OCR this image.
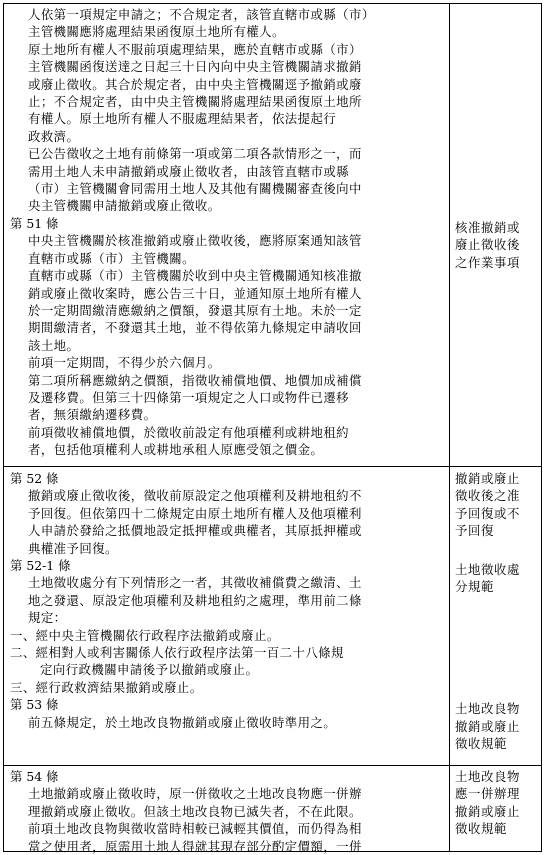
人依第一項規定申請之；不合規定者，該管直轄市或縣（市）
主管機關應將處理結果函復原土地所有權人。
原土地所有權人不服前項處理結果，應於直轄市或縣（市）
主管機關函復送達之日起三十日內向中央主管機關請求撤銷
或廢止徵收。其合於規定者，由中央主管機關逕予撤銷或廢
止；不合規定者，由中央主管機關將處理結果函復原土地所
有權人。原土地所有權人不服處理結果者，依法提起行
政救濟。
已公告徵收之土地有前條第一項或第二項各款情形之一，而
需用土地人未申請撤銷或廢止徵收者，由該管直轄市或縣
（市）主管機關會同需用土地人及其他有關機關審查後向中
央主管機關申請撤銷或廢止徵收。
第 51 條
中央主管機關於核准撤銷或廢止徵收後，應將原案通知該管
直轄市或縣（市）主管機關。
直轄市或縣（市）主管機關於收到中央主管機關通知核准撤
銷或廢止徵收案時，應公告三十日，並通知原土地所有權人
於一定期間繳清應繳納之價額，發還其原有土地。未於一定
期間繳清者，不發還其土地，並不得依第九條規定申請收回
該土地。
前項一定期間，不得少於六個月。
第二項所稱應繳納之價額，指徵收補償地價、地價加成補償
及遷移費。但第三十四條第一項規定之人口或物件已遷移
者，無須繳納遷移費。
前項徵收補償地價，於徵收前設定有他項權利或耕地租約
者，包括他項權利人或耕地承租人原應受領之價金。
核准撤銷或
廢止徵收後
之作業事項
第 52 條
撤銷或廢止徵收後，徵收前原設定之他項權利及耕地租約不
予回復。但依第四十二條規定由原土地所有權人及他項權利
人申請於發給之抵價地設定抵押權或典權者，其原抵押權或
典權准予回復。
第 52-1 條
土地徵收處分有下列情形之一者，其徵收補償費之繳清、土
地之發還、原設定他項權利及耕地租約之處理，準用前二條
規定：
一、經中央主管機關依行政程序法撤銷或廢止。
二、經相對人或利害關係人依行政程序法第一百二十八條規
定向行政機關申請後予以撤銷或廢止。
三、經行政救濟結果撤銷或廢止。
第 53 條
前五條規定，於土地改良物撤銷或廢止徵收時準用之。
撤銷或廢止
徵收後之准
予回復或不
予回復
土地徵收處
分規範
土地改良物
撤銷或廢止
徵收規範
第 54 條
土地撤銷或廢止徵收時，原一併徵收之土地改良物應一併辦
理撤銷或廢止徵收。但該土地改良物已滅失者，不在此限。
前項土地改良物與徵收當時相較已減輕其價值，而仍得為相
當之使用者，原需用土地人得就其現存部分酌定價額，一併
土地改良物
應一併辦理
撤銷或廢止
徵收規範
